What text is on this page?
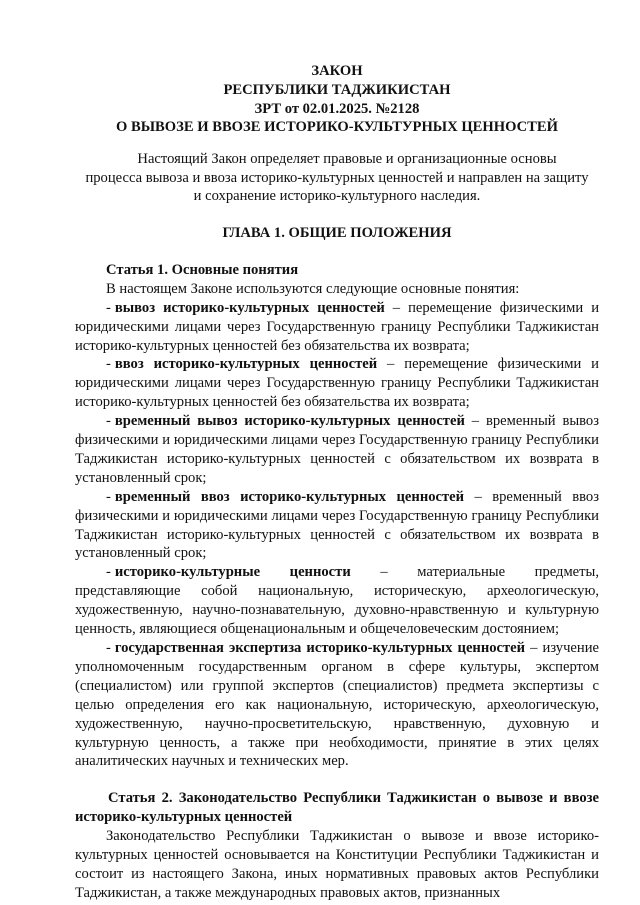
ЗАКОН
РЕСПУБЛИКИ ТАДЖИКИСТАН
ЗРТ от 02.01.2025. №2128
О ВЫВОЗЕ И ВВОЗЕ ИСТОРИКО-КУЛЬТУРНЫХ ЦЕННОСТЕЙ
Настоящий Закон определяет правовые и организационные основы
процесса вывоза и ввоза историко-культурных ценностей и направлен на защиту
и сохранение историко-культурного наследия.
ГЛАВА 1. ОБЩИЕ ПОЛОЖЕНИЯ
Статья 1. Основные понятия
В настоящем Законе используются следующие основные понятия:
- вывоз историко-культурных ценностей – перемещение физическими и юридическими лицами через Государственную границу Республики Таджикистан историко-культурных ценностей без обязательства их возврата;
- ввоз историко-культурных ценностей – перемещение физическими и юридическими лицами через Государственную границу Республики Таджикистан историко-культурных ценностей без обязательства их возврата;
- временный вывоз историко-культурных ценностей – временный вывоз физическими и юридическими лицами через Государственную границу Республики Таджикистан историко-культурных ценностей с обязательством их возврата в установленный срок;
- временный ввоз историко-культурных ценностей – временный ввоз физическими и юридическими лицами через Государственную границу Республики Таджикистан историко-культурных ценностей с обязательством их возврата в установленный срок;
- историко-культурные ценности – материальные предметы, представляющие собой национальную, историческую, археологическую, художественную, научно-познавательную, духовно-нравственную и культурную ценность, являющиеся общенациональным и общечеловеческим достоянием;
- государственная экспертиза историко-культурных ценностей – изучение уполномоченным государственным органом в сфере культуры, экспертом (специалистом) или группой экспертов (специалистов) предмета экспертизы с целью определения его как национальную, историческую, археологическую, художественную, научно-просветительскую, нравственную, духовную и культурную ценность, а также при необходимости, принятие в этих целях аналитических научных и технических мер.
Статья 2. Законодательство Республики Таджикистан о вывозе и ввозе историко-культурных ценностей
Законодательство Республики Таджикистан о вывозе и ввозе историко-культурных ценностей основывается на Конституции Республики Таджикистан и состоит из настоящего Закона, иных нормативных правовых актов Республики Таджикистан, а также международных правовых актов, признанных
